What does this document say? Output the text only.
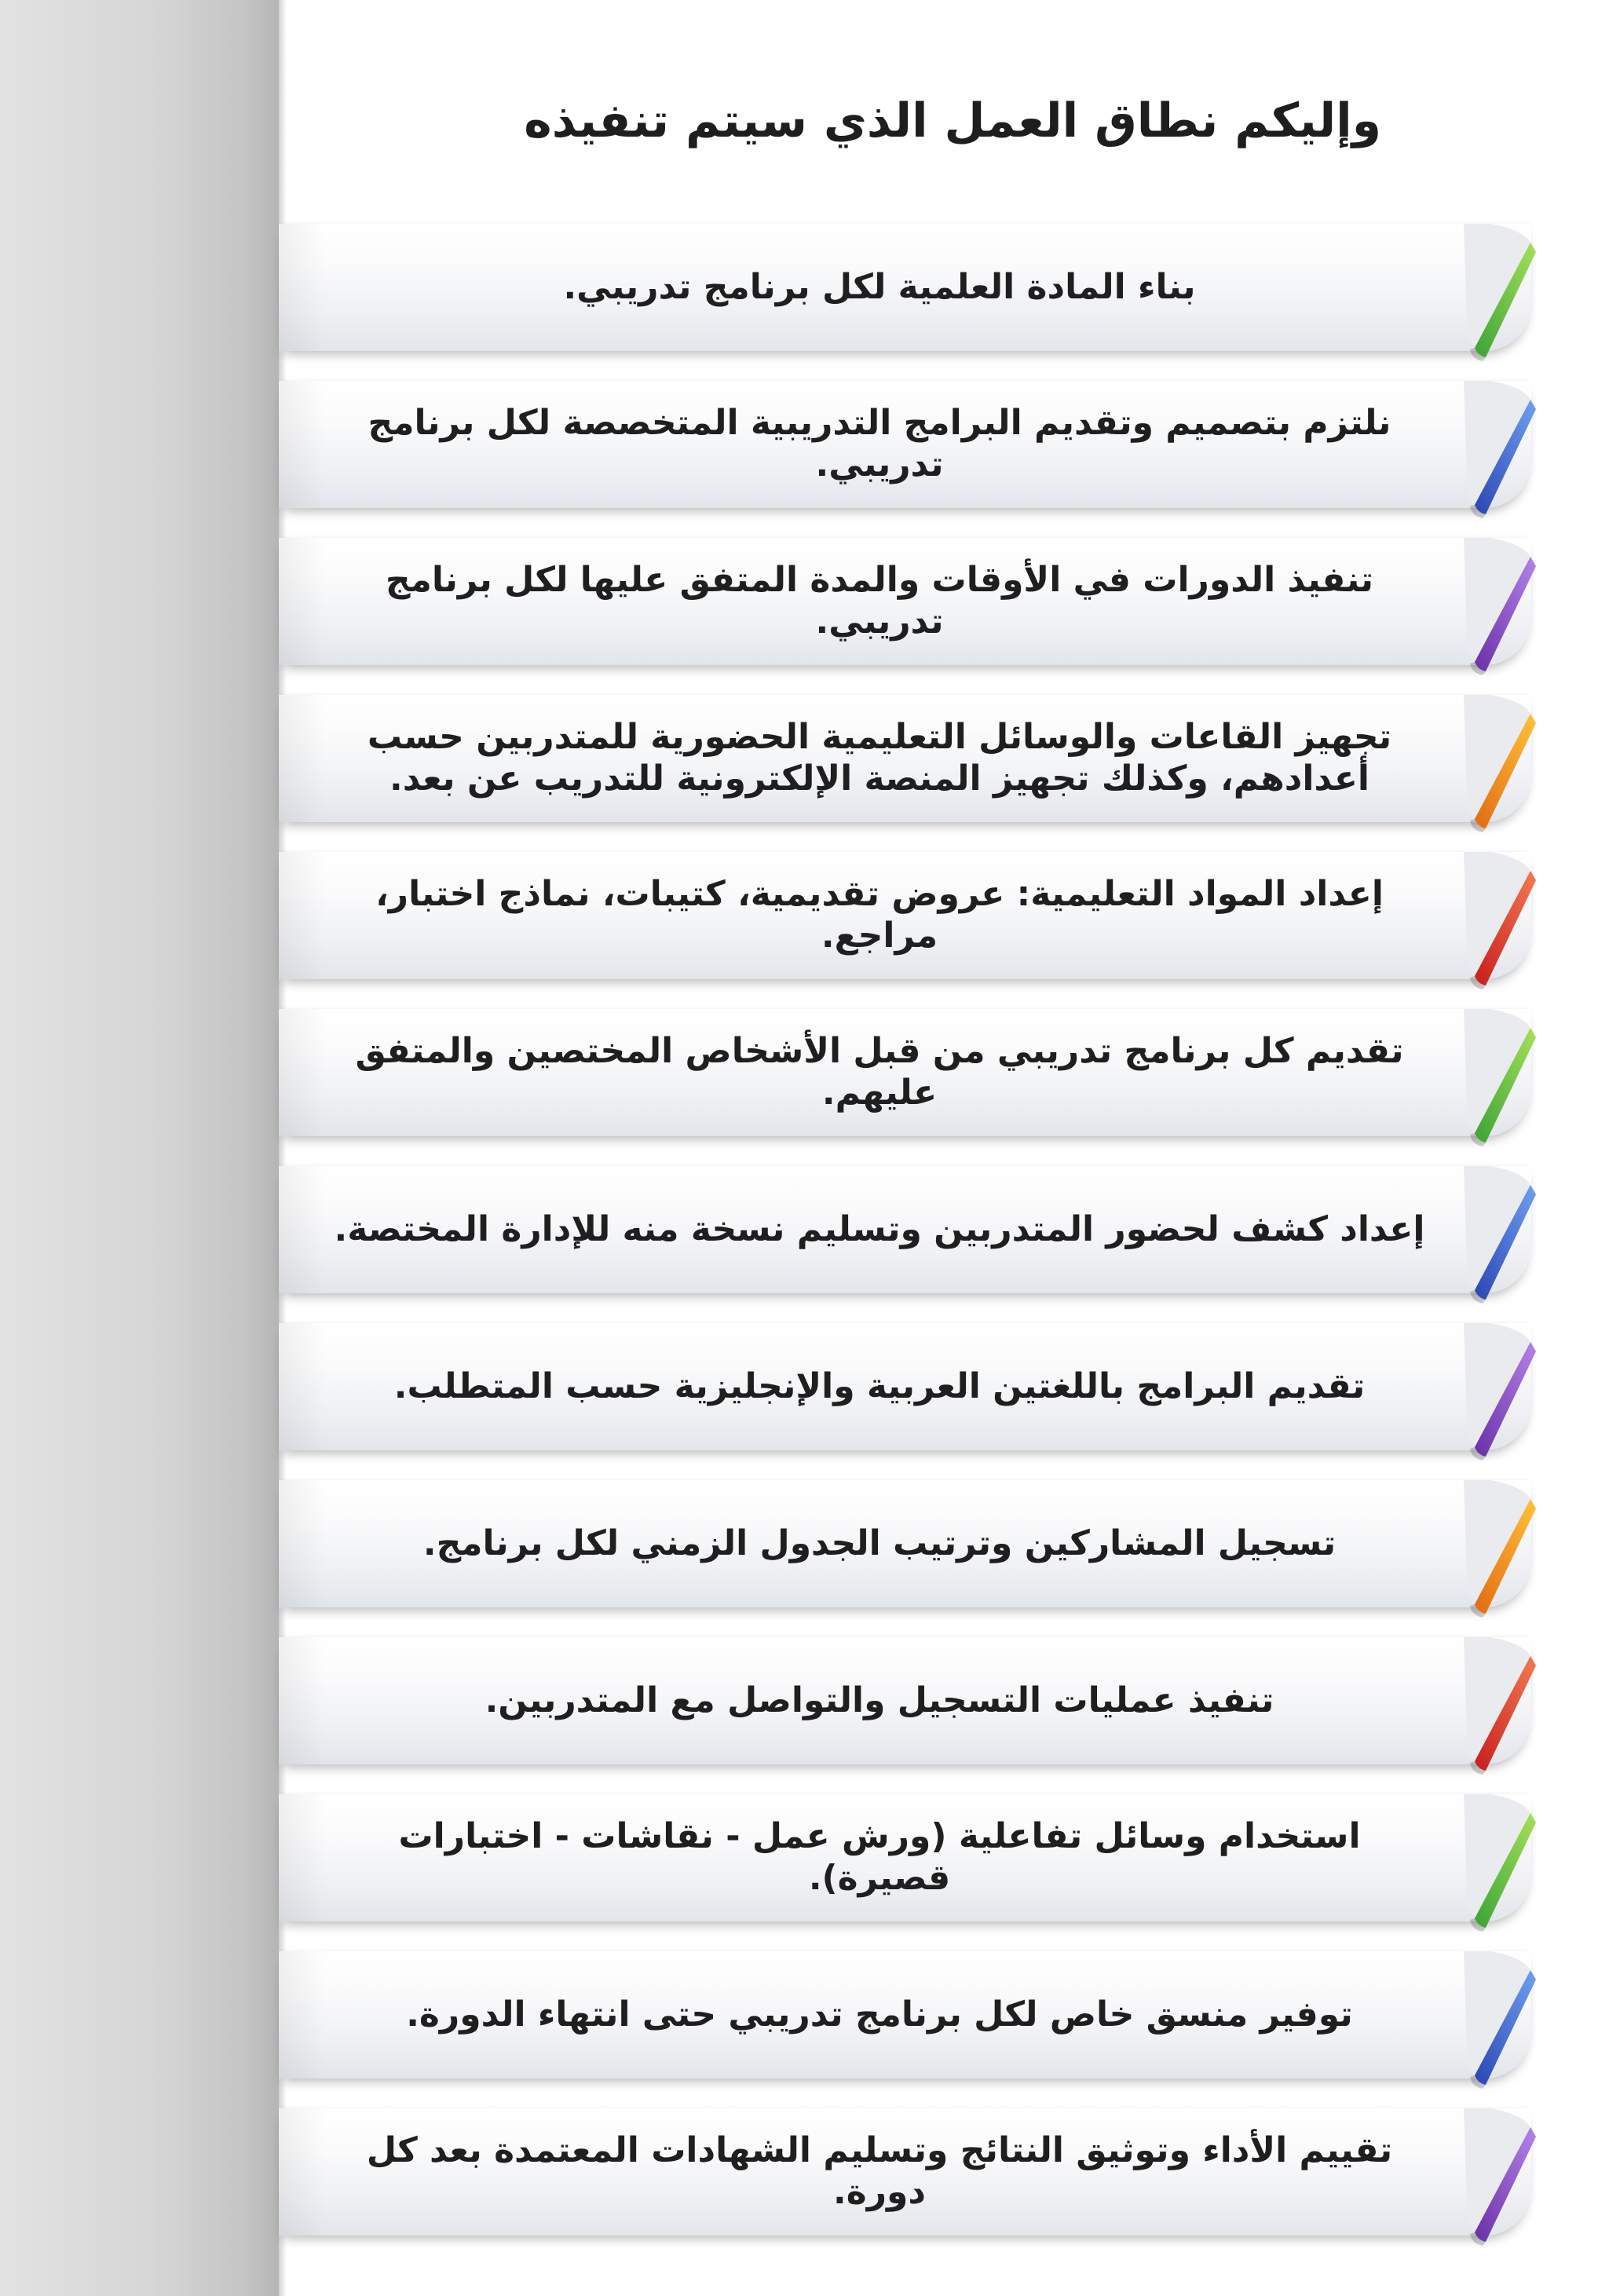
وإليكم نطاق العمل الذي سيتم تنفيذه
بناء المادة العلمية لكل برنامج تدريبي.
نلتزم بتصميم وتقديم البرامج التدريبية المتخصصة لكل برنامج تدريبي.
تنفيذ الدورات في الأوقات والمدة المتفق عليها لكل برنامج تدريبي.
تجهيز القاعات والوسائل التعليمية الحضورية للمتدربين حسب أعدادهم، وكذلك تجهيز المنصة الإلكترونية للتدريب عن بعد.
إعداد المواد التعليمية: عروض تقديمية، كتيبات، نماذج اختبار، مراجع.
تقديم كل برنامج تدريبي من قبل الأشخاص المختصين والمتفق عليهم.
إعداد كشف لحضور المتدربين وتسليم نسخة منه للإدارة المختصة.
تقديم البرامج باللغتين العربية والإنجليزية حسب المتطلب.
تسجيل المشاركين وترتيب الجدول الزمني لكل برنامج.
تنفيذ عمليات التسجيل والتواصل مع المتدربين.
استخدام وسائل تفاعلية (ورش عمل - نقاشات - اختبارات قصيرة).
توفير منسق خاص لكل برنامج تدريبي حتى انتهاء الدورة.
تقييم الأداء وتوثيق النتائج وتسليم الشهادات المعتمدة بعد كل دورة.
